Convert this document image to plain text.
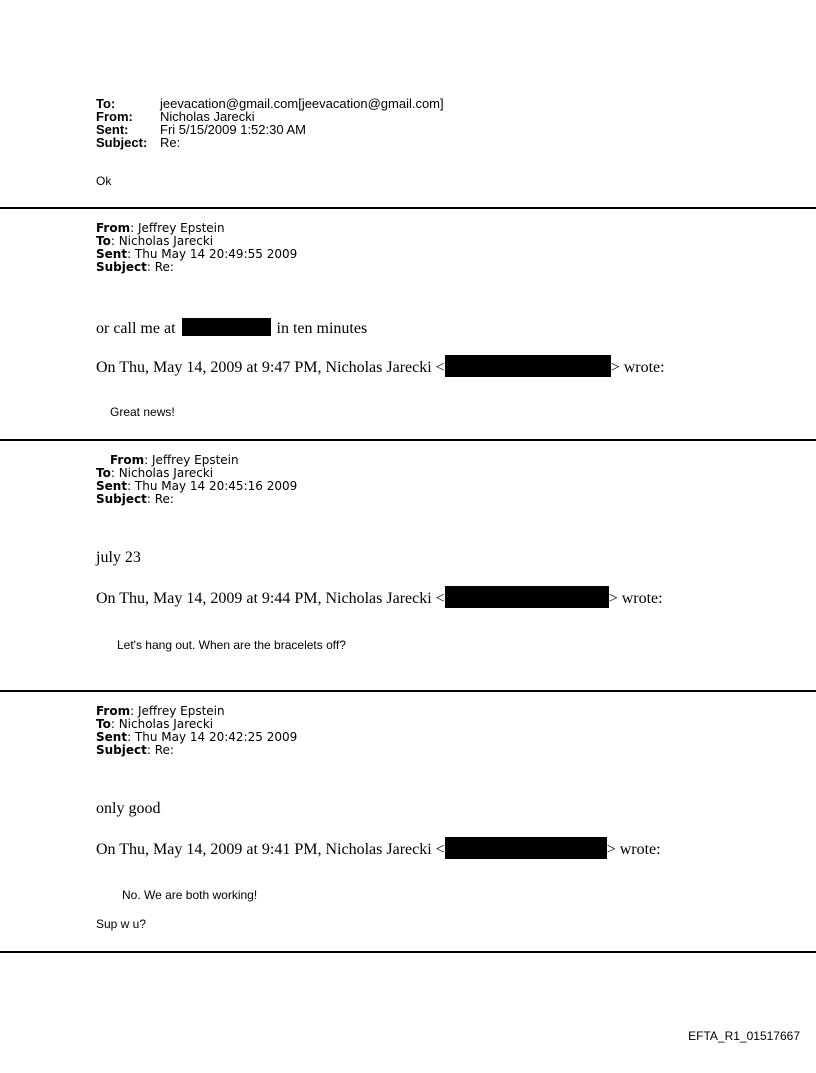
To:	jeevacation@gmail.com[jeevacation@gmail.com]
From: Nicholas Jarecki
Sent: Fri 5/15/2009 1:52:30 AM
Subject: Re:
Ok
From: Jeffrey Epstein
To: Nicholas Jarecki
Sent: Thu May 14 20:49:55 2009
Subject: Re:
or call me at	in ten minutes
On Thu, May 14, 2009 at 9:47 PM, Nicholas Jarecki <	> wrote:
Great news!
From: Jeffrey Epstein
To: Nicholas Jarecki
Sent: Thu May 14 20:45:16 2009
Subject: Re:
july 23
On Thu, May 14, 2009 at 9:44 PM, Nicholas Jarecki <	> wrote:
Let's hang out. When are the bracelets off?
From: Jeffrey Epstein
To: Nicholas Jarecki
Sent: Thu May 14 20:42:25 2009
Subject: Re:
only good
On Thu, May 14, 2009 at 9:41 PM, Nicholas Jarecki <	> wrote:
No. We are both working!
Sup w u?
EFTA_R1_01517667
